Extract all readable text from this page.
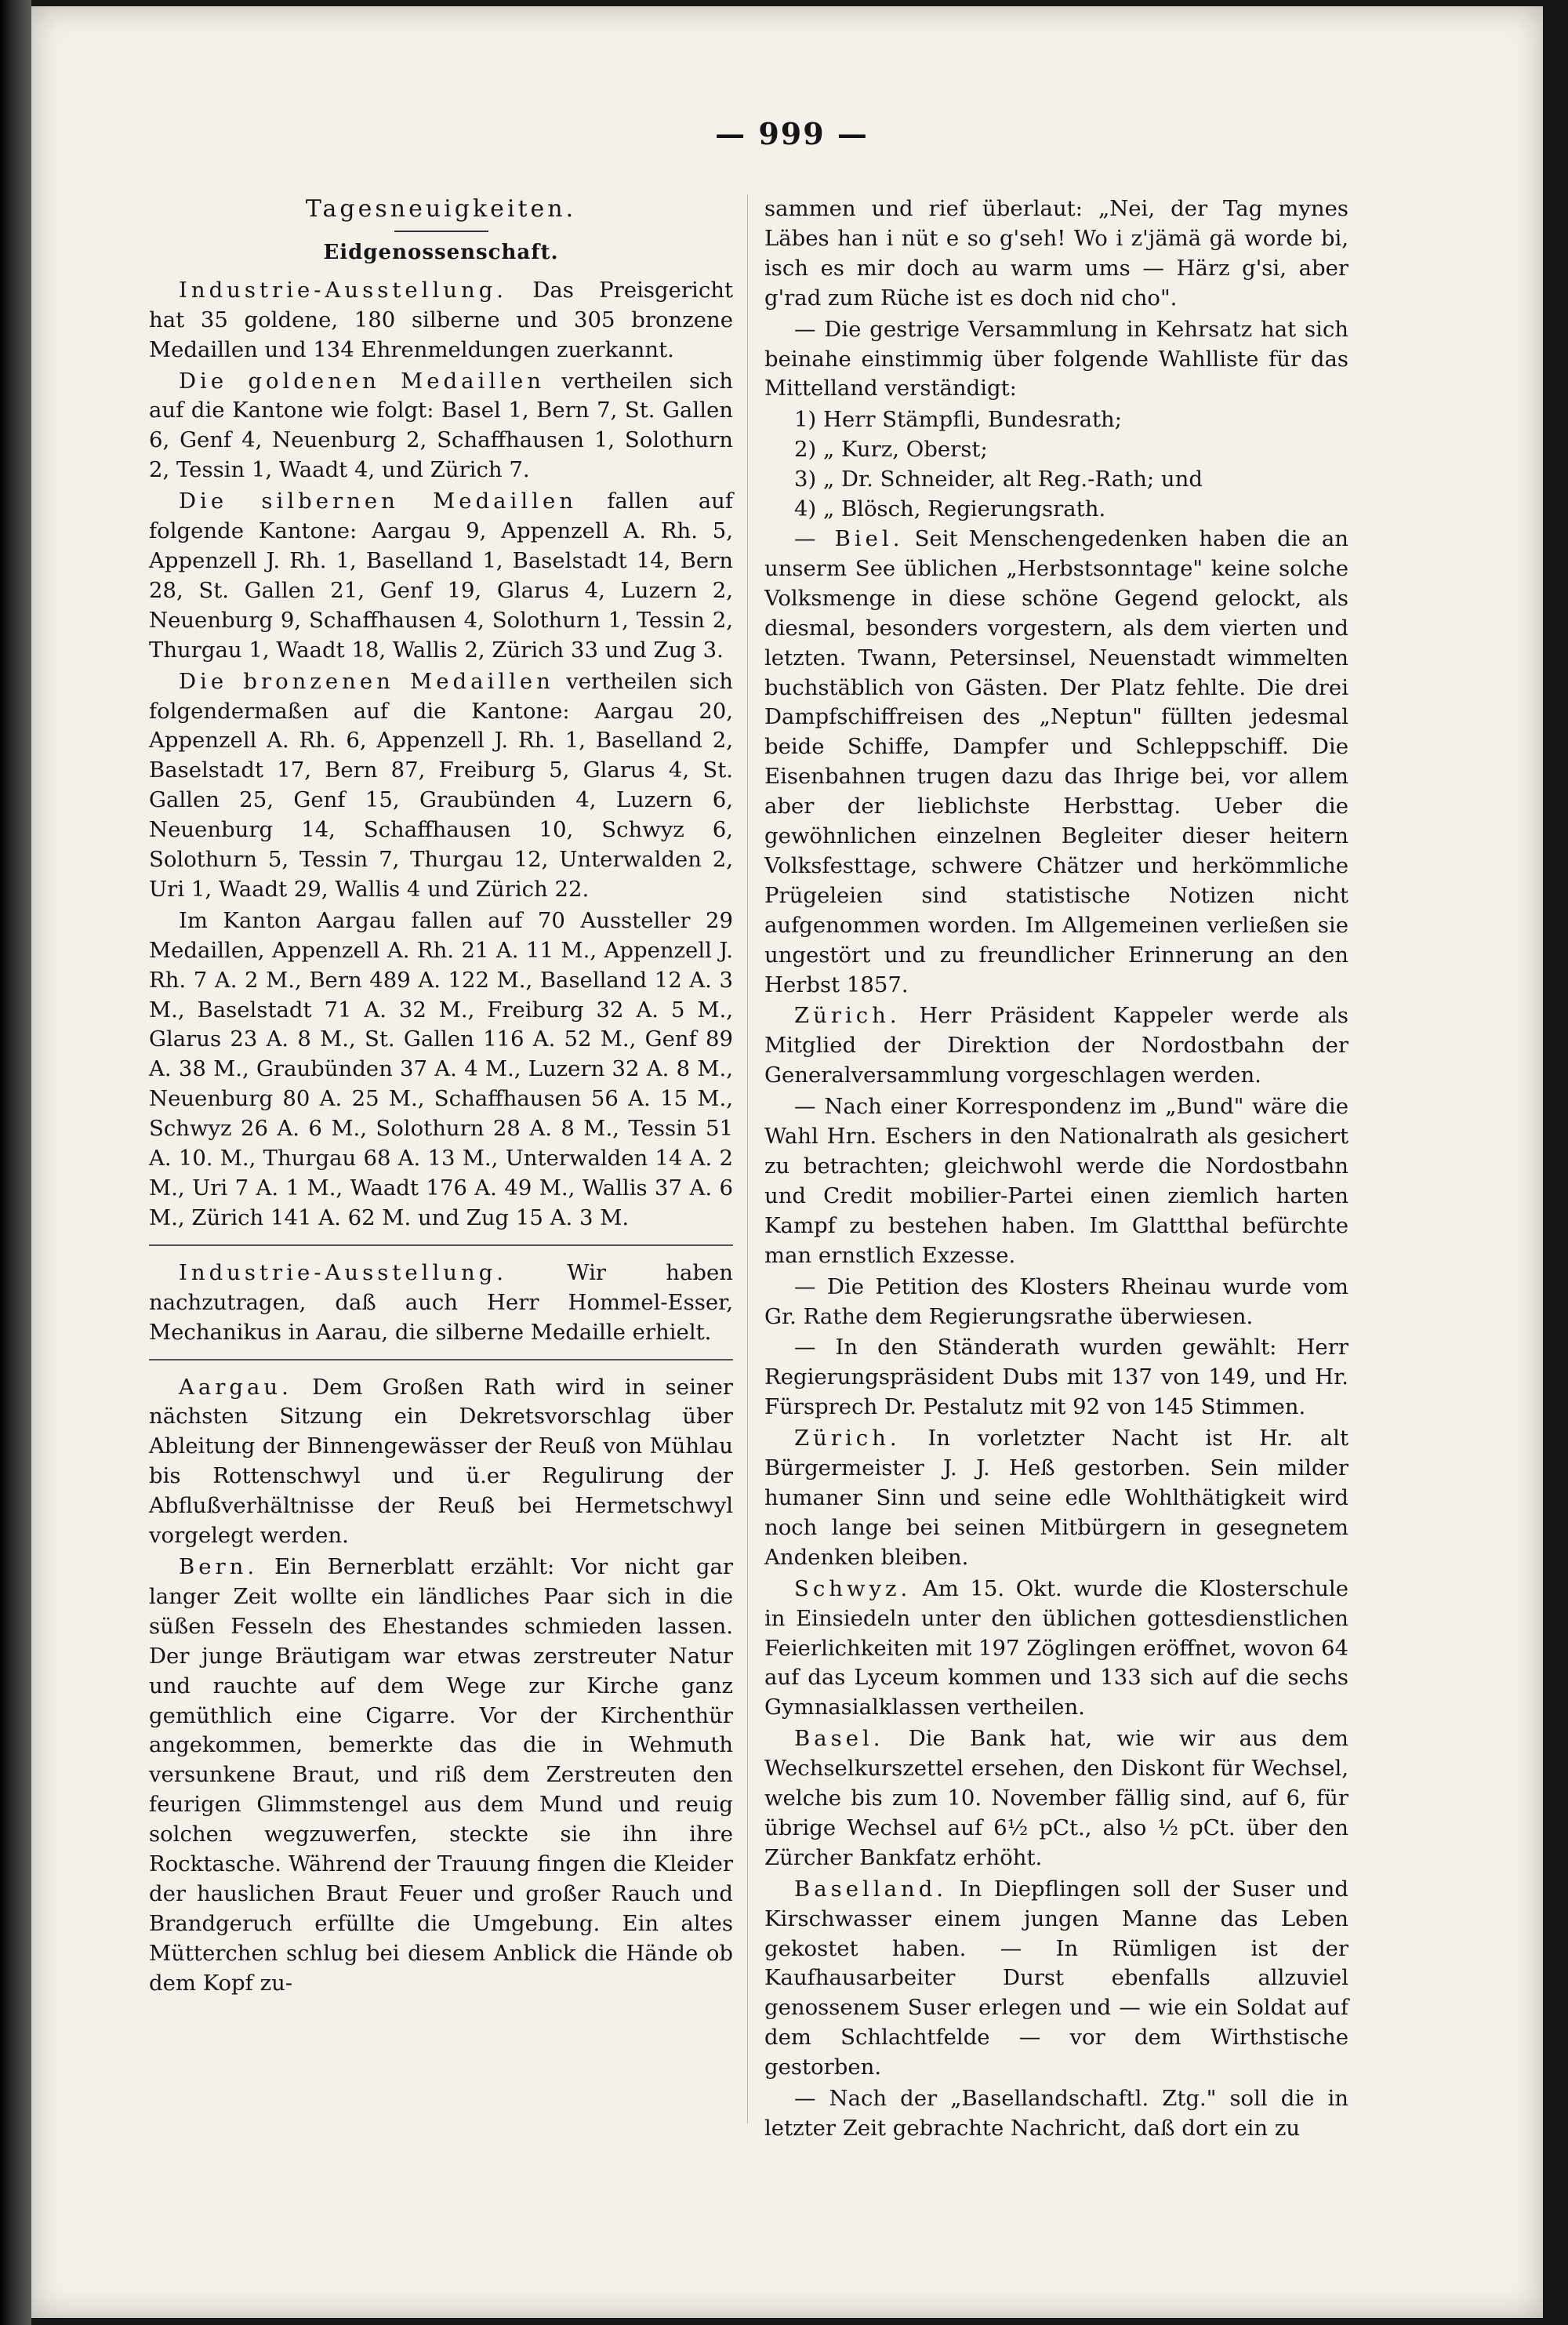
— 999 —
Tagesneuigkeiten.
Eidgenossenschaft.

Industrie-Ausstellung. Das Preisgericht hat 35 goldene, 180 silberne und 305 bronzene Medaillen und 134 Ehrenmeldungen zuerkannt.

Die goldenen Medaillen vertheilen sich auf die Kantone wie folgt: Basel 1, Bern 7, St. Gallen 6, Genf 4, Neuenburg 2, Schaffhausen 1, Solothurn 2, Tessin 1, Waadt 4, und Zürich 7.

Die silbernen Medaillen fallen auf folgende Kantone: Aargau 9, Appenzell A. Rh. 5, Appenzell J. Rh. 1, Baselland 1, Baselstadt 14, Bern 28, St. Gallen 21, Genf 19, Glarus 4, Luzern 2, Neuenburg 9, Schaffhausen 4, Solothurn 1, Tessin 2, Thurgau 1, Waadt 18, Wallis 2, Zürich 33 und Zug 3.

Die bronzenen Medaillen vertheilen sich folgendermaßen auf die Kantone: Aargau 20, Appenzell A. Rh. 6, Appenzell J. Rh. 1, Baselland 2, Baselstadt 17, Bern 87, Freiburg 5, Glarus 4, St. Gallen 25, Genf 15, Graubünden 4, Luzern 6, Neuenburg 14, Schaffhausen 10, Schwyz 6, Solothurn 5, Tessin 7, Thurgau 12, Unterwalden 2, Uri 1, Waadt 29, Wallis 4 und Zürich 22.

Im Kanton Aargau fallen auf 70 Aussteller 29 Medaillen, Appenzell A. Rh. 21 A. 11 M., Appenzell J. Rh. 7 A. 2 M., Bern 489 A. 122 M., Baselland 12 A. 3 M., Baselstadt 71 A. 32 M., Freiburg 32 A. 5 M., Glarus 23 A. 8 M., St. Gallen 116 A. 52 M., Genf 89 A. 38 M., Graubünden 37 A. 4 M., Luzern 32 A. 8 M., Neuenburg 80 A. 25 M., Schaffhausen 56 A. 15 M., Schwyz 26 A. 6 M., Solothurn 28 A. 8 M., Tessin 51 A. 10. M., Thurgau 68 A. 13 M., Unterwalden 14 A. 2 M., Uri 7 A. 1 M., Waadt 176 A. 49 M., Wallis 37 A. 6 M., Zürich 141 A. 62 M. und Zug 15 A. 3 M.

Industrie-Ausstellung. Wir haben nachzutragen, daß auch Herr Hommel-Esser, Mechanikus in Aarau, die silberne Medaille erhielt.

Aargau. Dem Großen Rath wird in seiner nächsten Sitzung ein Dekretsvorschlag über Ableitung der Binnengewässer der Reuß von Mühlau bis Rottenschwyl und ü.er Regulirung der Abflußverhältnisse der Reuß bei Hermetschwyl vorgelegt werden.

Bern. Ein Bernerblatt erzählt: Vor nicht gar langer Zeit wollte ein ländliches Paar sich in die süßen Fesseln des Ehestandes schmieden lassen. Der junge Bräutigam war etwas zerstreuter Natur und rauchte auf dem Wege zur Kirche ganz gemüthlich eine Cigarre. Vor der Kirchenthür angekommen, bemerkte das die in Wehmuth versunkene Braut, und riß dem Zerstreuten den feurigen Glimmstengel aus dem Mund und reuig solchen wegzuwerfen, steckte sie ihn ihre Rocktasche. Während der Trauung fingen die Kleider der hauslichen Braut Feuer und großer Rauch und Brandgeruch erfüllte die Umgebung. Ein altes Mütterchen schlug bei diesem Anblick die Hände ob dem Kopf zu-

sammen und rief überlaut: „Nei, der Tag mynes Läbes han i nüt e so g'seh! Wo i z'jämä gä worde bi, isch es mir doch au warm ums — Härz g'si, aber g'rad zum Rüche ist es doch nid cho".

— Die gestrige Versammlung in Kehrsatz hat sich beinahe einstimmig über folgende Wahlliste für das Mittelland verständigt:

1) Herr Stämpfli, Bundesrath;
2) „ Kurz, Oberst;
3) „ Dr. Schneider, alt Reg.-Rath; und
4) „ Blösch, Regierungsrath.

— Biel. Seit Menschengedenken haben die an unserm See üblichen „Herbstsonntage" keine solche Volksmenge in diese schöne Gegend gelockt, als diesmal, besonders vorgestern, als dem vierten und letzten. Twann, Petersinsel, Neuenstadt wimmelten buchstäblich von Gästen. Der Platz fehlte. Die drei Dampfschiffreisen des „Neptun" füllten jedesmal beide Schiffe, Dampfer und Schleppschiff. Die Eisenbahnen trugen dazu das Ihrige bei, vor allem aber der lieblichste Herbsttag. Ueber die gewöhnlichen einzelnen Begleiter dieser heitern Volksfesttage, schwere Chätzer und herkömmliche Prügeleien sind statistische Notizen nicht aufgenommen worden. Im Allgemeinen verließen sie ungestört und zu freundlicher Erinnerung an den Herbst 1857.

Zürich. Herr Präsident Kappeler werde als Mitglied der Direktion der Nordostbahn der Generalversammlung vorgeschlagen werden.

— Nach einer Korrespondenz im „Bund" wäre die Wahl Hrn. Eschers in den Nationalrath als gesichert zu betrachten; gleichwohl werde die Nordostbahn und Credit mobilier-Partei einen ziemlich harten Kampf zu bestehen haben. Im Glattthal befürchte man ernstlich Exzesse.

— Die Petition des Klosters Rheinau wurde vom Gr. Rathe dem Regierungsrathe überwiesen.

— In den Ständerath wurden gewählt: Herr Regierungspräsident Dubs mit 137 von 149, und Hr. Fürsprech Dr. Pestalutz mit 92 von 145 Stimmen.

Zürich. In vorletzter Nacht ist Hr. alt Bürgermeister J. J. Heß gestorben. Sein milder humaner Sinn und seine edle Wohlthätigkeit wird noch lange bei seinen Mitbürgern in gesegnetem Andenken bleiben.

Schwyz. Am 15. Okt. wurde die Klosterschule in Einsiedeln unter den üblichen gottesdienstlichen Feierlichkeiten mit 197 Zöglingen eröffnet, wovon 64 auf das Lyceum kommen und 133 sich auf die sechs Gymnasialklassen vertheilen.

Basel. Die Bank hat, wie wir aus dem Wechselkurszettel ersehen, den Diskont für Wechsel, welche bis zum 10. November fällig sind, auf 6, für übrige Wechsel auf 6½ pCt., also ½ pCt. über den Zürcher Bankfatz erhöht.

Baselland. In Diepflingen soll der Suser und Kirschwasser einem jungen Manne das Leben gekostet haben. — In Rümligen ist der Kaufhausarbeiter Durst ebenfalls allzuviel genossenem Suser erlegen und — wie ein Soldat auf dem Schlachtfelde — vor dem Wirthstische gestorben.

— Nach der „Basellandschaftl. Ztg." soll die in letzter Zeit gebrachte Nachricht, daß dort ein zu
